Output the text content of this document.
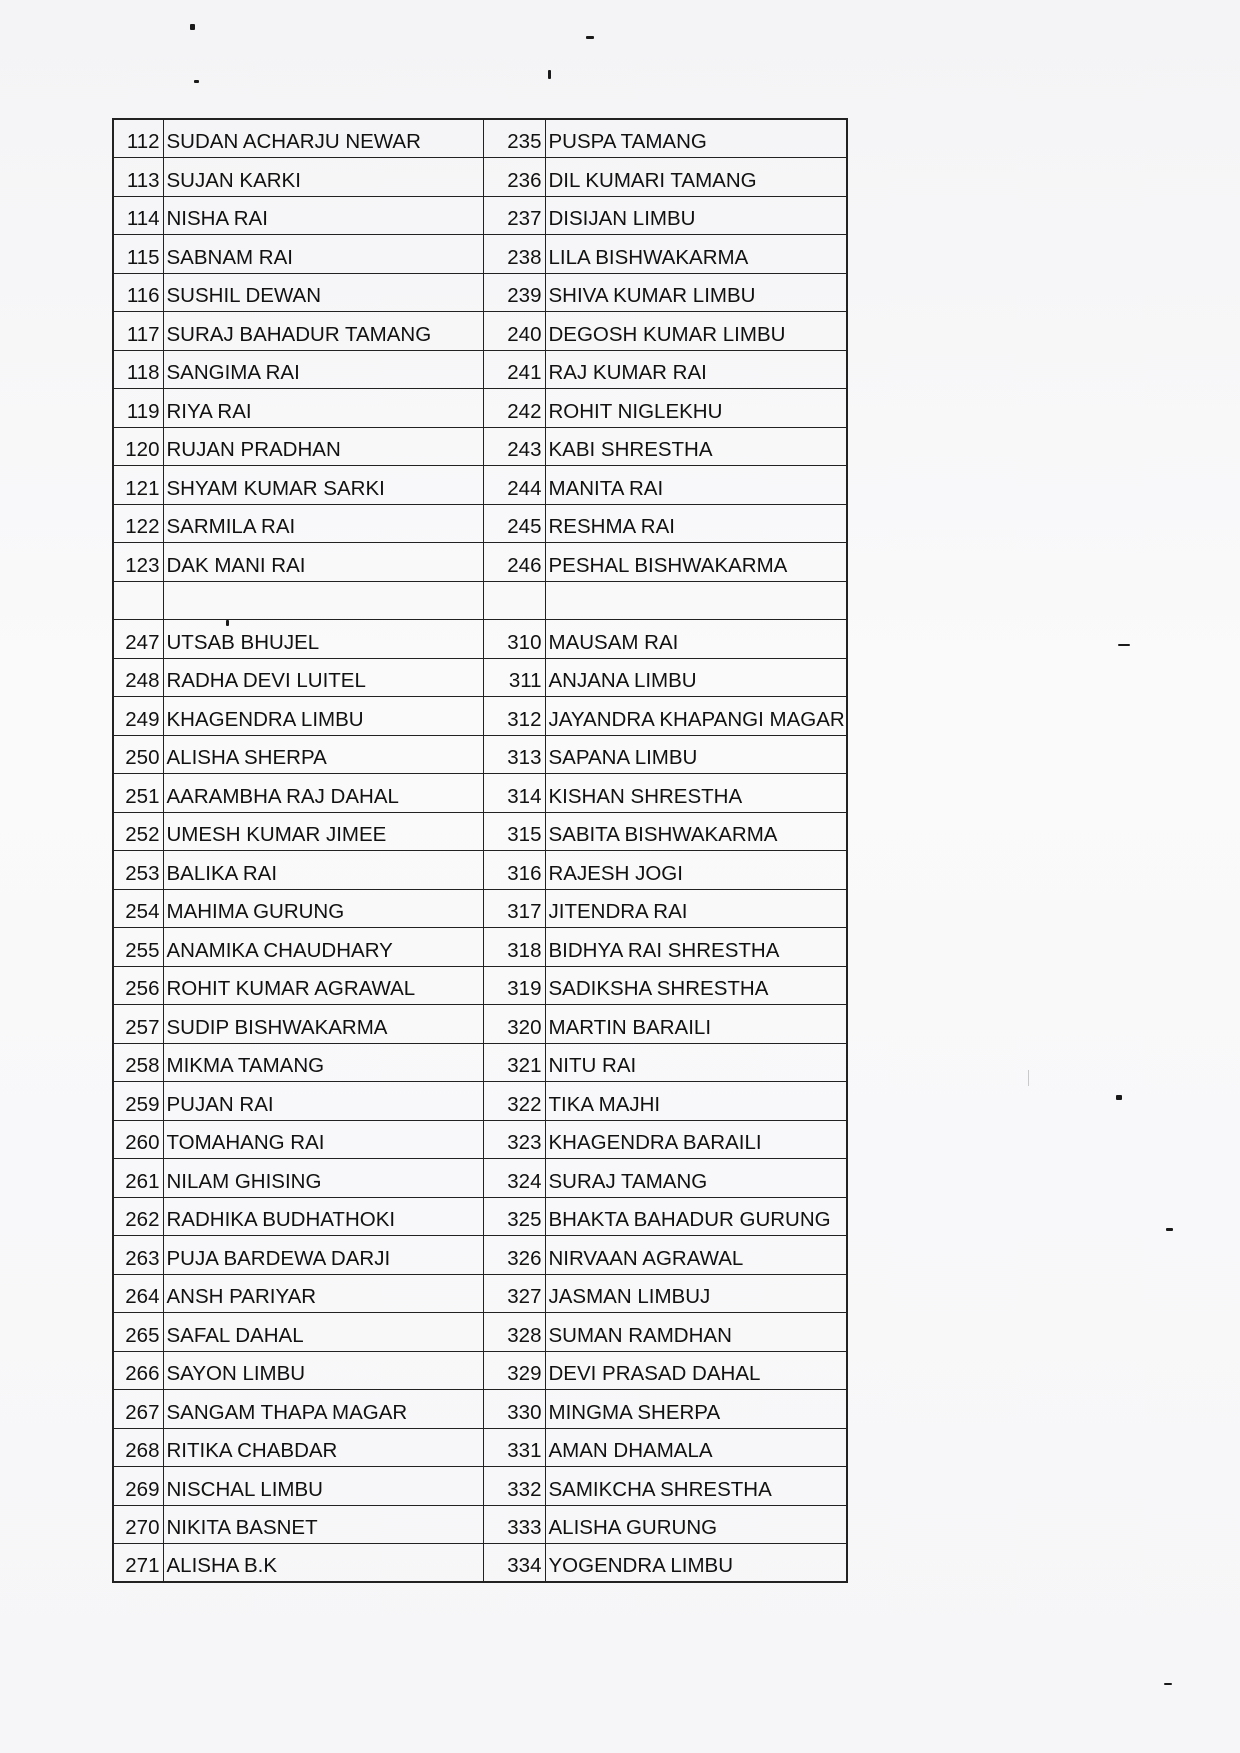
112	SUDAN ACHARJU NEWAR	235	PUSPA TAMANG
113	SUJAN KARKI	236	DIL KUMARI TAMANG
114	NISHA RAI	237	DISIJAN LIMBU
115	SABNAM RAI	238	LILA BISHWAKARMA
116	SUSHIL DEWAN	239	SHIVA KUMAR LIMBU
117	SURAJ BAHADUR TAMANG	240	DEGOSH KUMAR LIMBU
118	SANGIMA RAI	241	RAJ KUMAR RAI
119	RIYA RAI	242	ROHIT NIGLEKHU
120	RUJAN PRADHAN	243	KABI SHRESTHA
121	SHYAM KUMAR SARKI	244	MANITA RAI
122	SARMILA RAI	245	RESHMA RAI
123	DAK MANI RAI	246	PESHAL BISHWAKARMA

247	UTSAB BHUJEL	310	MAUSAM RAI
248	RADHA DEVI LUITEL	311	ANJANA LIMBU
249	KHAGENDRA LIMBU	312	JAYANDRA KHAPANGI MAGAR
250	ALISHA SHERPA	313	SAPANA LIMBU
251	AARAMBHA RAJ DAHAL	314	KISHAN SHRESTHA
252	UMESH KUMAR JIMEE	315	SABITA BISHWAKARMA
253	BALIKA RAI	316	RAJESH JOGI
254	MAHIMA GURUNG	317	JITENDRA RAI
255	ANAMIKA CHAUDHARY	318	BIDHYA RAI SHRESTHA
256	ROHIT KUMAR AGRAWAL	319	SADIKSHA SHRESTHA
257	SUDIP BISHWAKARMA	320	MARTIN BARAILI
258	MIKMA TAMANG	321	NITU RAI
259	PUJAN RAI	322	TIKA MAJHI
260	TOMAHANG RAI	323	KHAGENDRA BARAILI
261	NILAM GHISING	324	SURAJ TAMANG
262	RADHIKA BUDHATHOKI	325	BHAKTA BAHADUR GURUNG
263	PUJA BARDEWA DARJI	326	NIRVAAN AGRAWAL
264	ANSH PARIYAR	327	JASMAN LIMBUJ
265	SAFAL DAHAL	328	SUMAN RAMDHAN
266	SAYON LIMBU	329	DEVI PRASAD DAHAL
267	SANGAM THAPA MAGAR	330	MINGMA SHERPA
268	RITIKA CHABDAR	331	AMAN DHAMALA
269	NISCHAL LIMBU	332	SAMIKCHA SHRESTHA
270	NIKITA BASNET	333	ALISHA GURUNG
271	ALISHA B.K	334	YOGENDRA LIMBU
